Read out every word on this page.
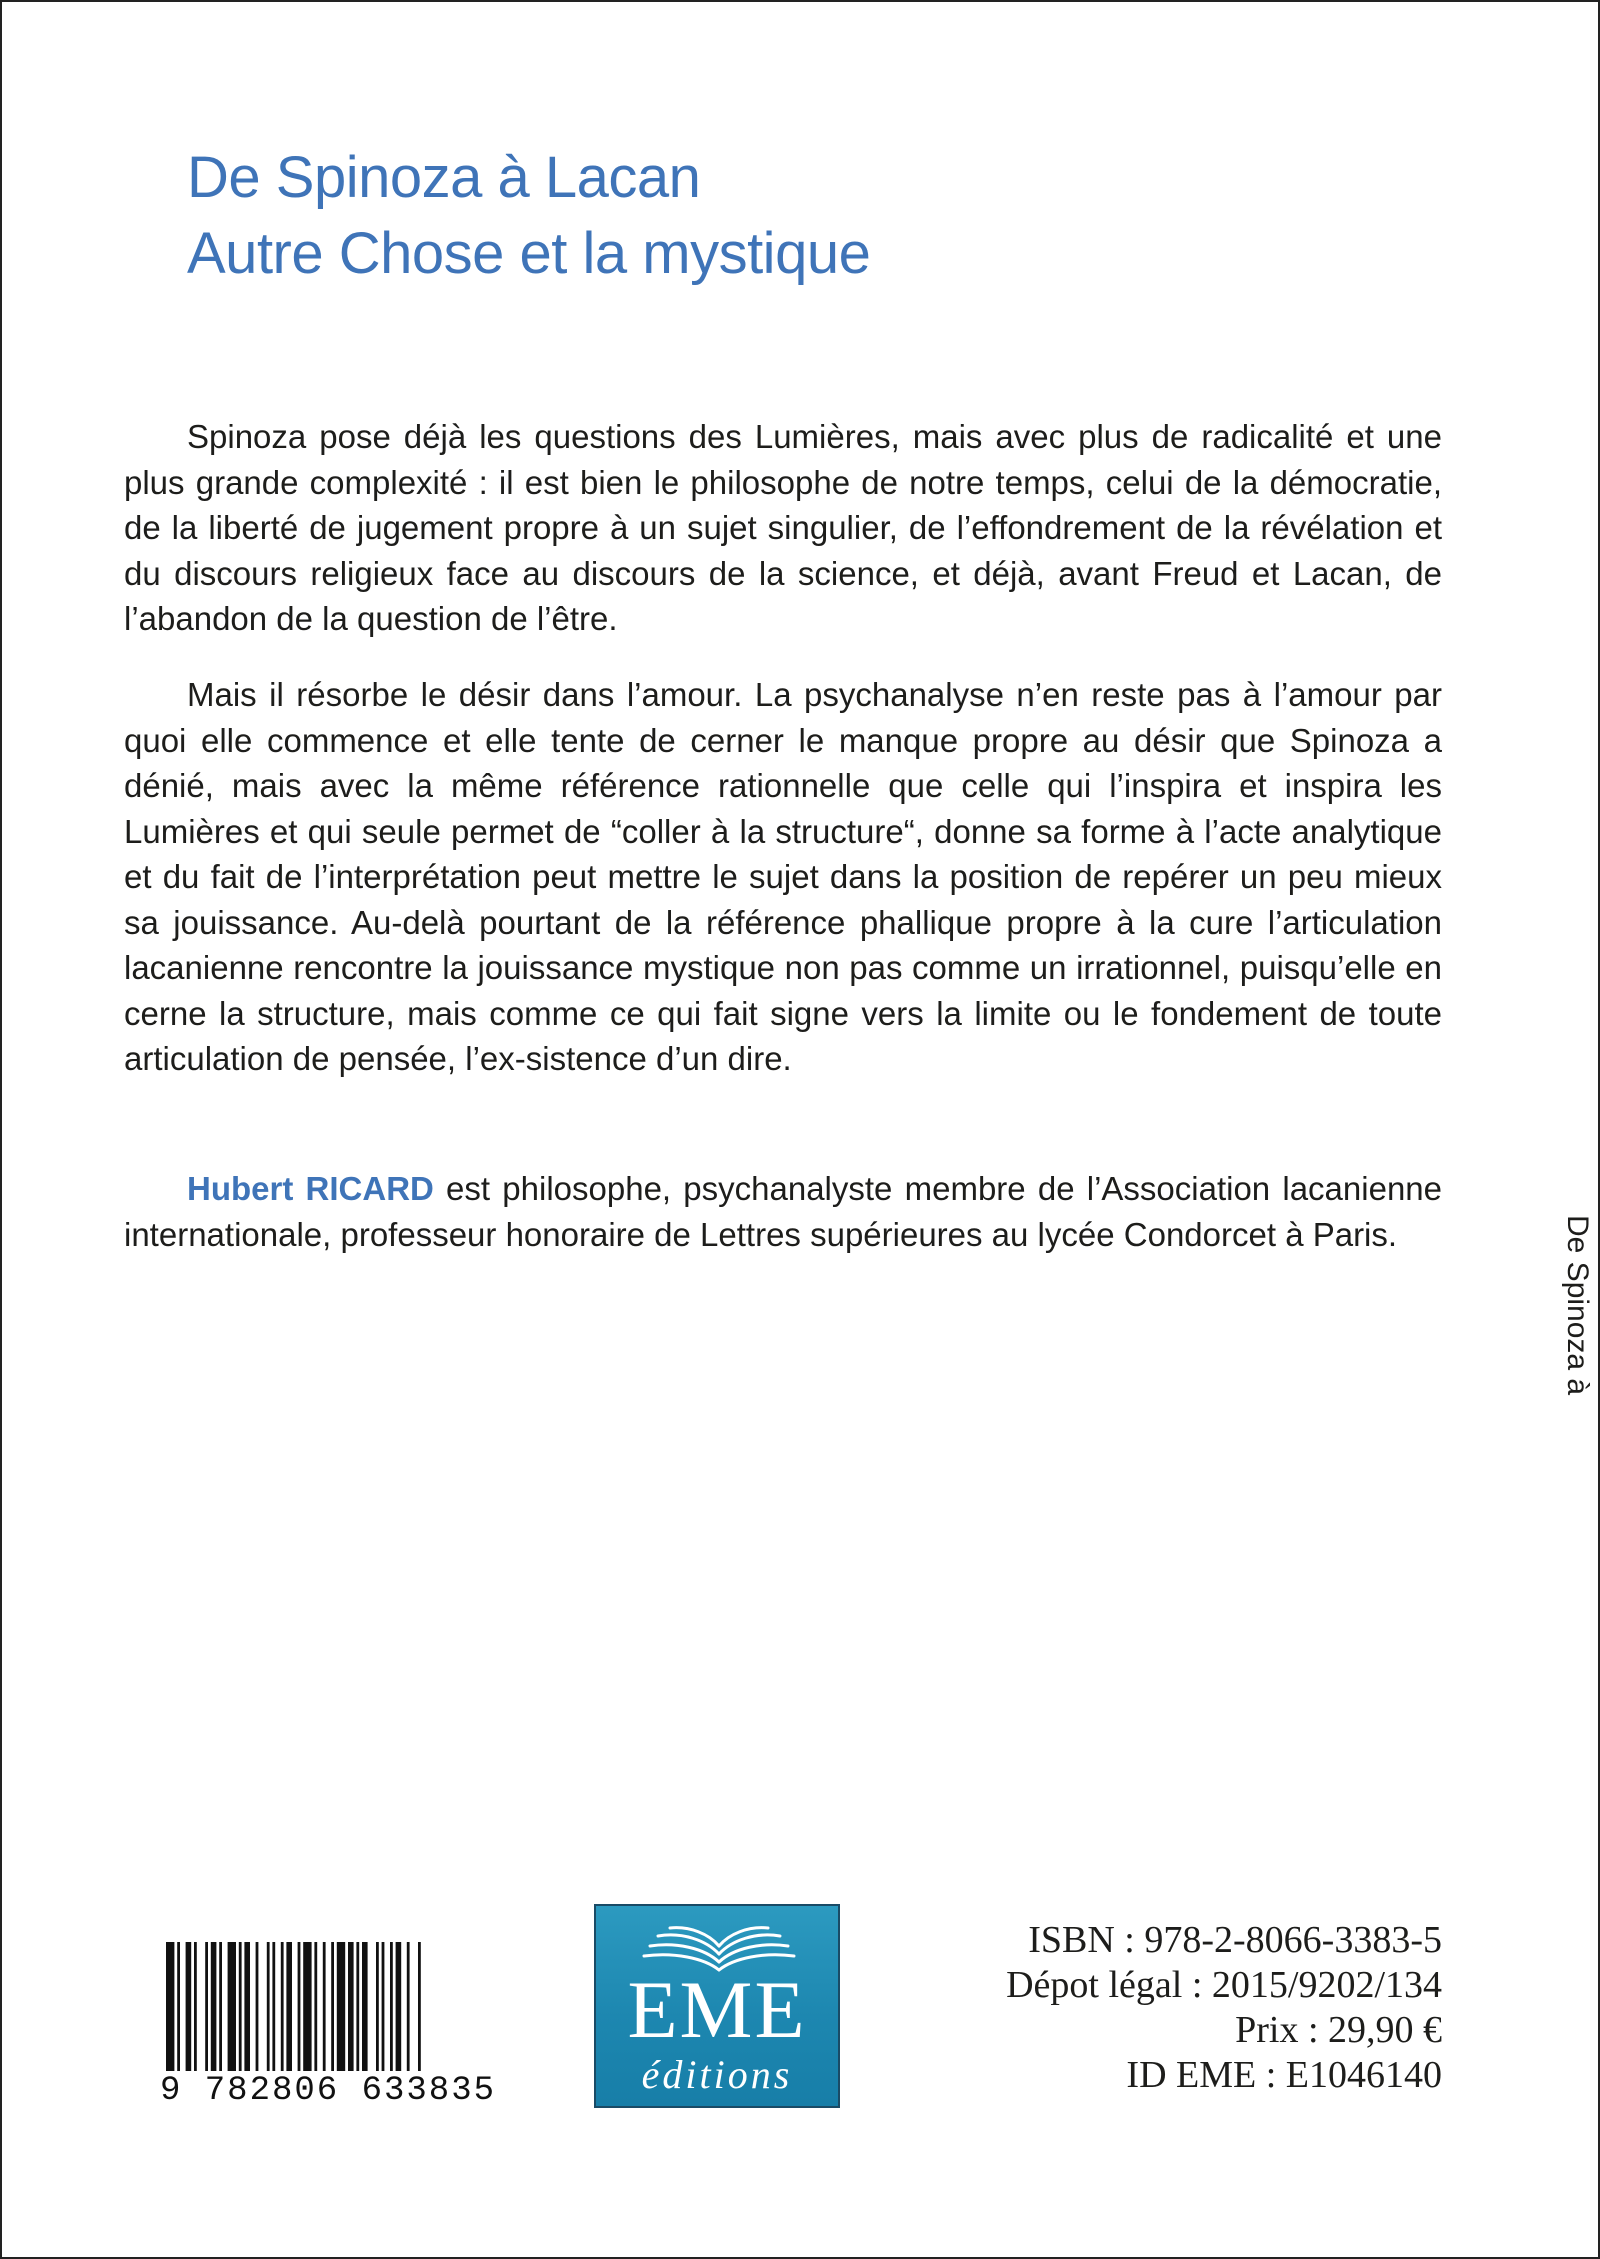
De Spinoza à Lacan
Autre Chose et la mystique

Spinoza pose déjà les questions des Lumières, mais avec plus de radicalité et une plus grande complexité : il est bien le philosophe de notre temps, celui de la démocratie, de la liberté de jugement propre à un sujet singulier, de l’effondrement de la révélation et du discours religieux face au discours de la science, et déjà, avant Freud et Lacan, de l’abandon de la question de l’être.

Mais il résorbe le désir dans l’amour. La psychanalyse n’en reste pas à l’amour par quoi elle commence et elle tente de cerner le manque propre au désir que Spinoza a dénié, mais avec la même référence rationnelle que celle qui l’inspira et inspira les Lumières et qui seule permet de “coller à la structure“, donne sa forme à l’acte analytique et du fait de l’interprétation peut mettre le sujet dans la position de repérer un peu mieux sa jouissance. Au-delà pourtant de la référence phallique propre à la cure l’articulation lacanienne rencontre la jouissance mystique non pas comme un irrationnel, puisqu’elle en cerne la structure, mais comme ce qui fait signe vers la limite ou le fondement de toute articulation de pensée, l’ex-sistence d’un dire.

Hubert RICARD est philosophe, psychanalyste membre de l’Association lacanienne internationale, professeur honoraire de Lettres supérieures au lycée Condorcet à Paris.	De Spinoza à
9 782806 633835
EME
éditions
ISBN : 978-2-8066-3383-5
Dépot légal : 2015/9202/134
Prix : 29,90 €
ID EME : E1046140
